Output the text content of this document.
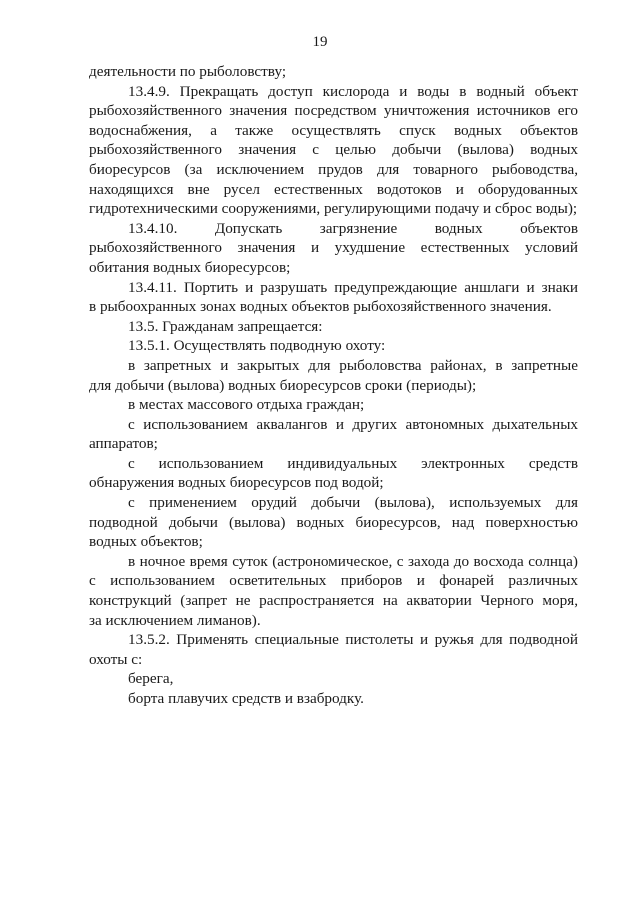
19
деятельности по рыболовству;
13.4.9. Прекращать доступ кислорода и воды в водный объект
рыбохозяйственного значения посредством уничтожения источников его
водоснабжения, а также осуществлять спуск водных объектов
рыбохозяйственного значения с целью добычи (вылова) водных
биоресурсов (за исключением прудов для товарного рыбоводства,
находящихся вне русел естественных водотоков и оборудованных
гидротехническими сооружениями, регулирующими подачу и сброс воды);
13.4.10. Допускать загрязнение водных объектов
рыбохозяйственного значения и ухудшение естественных условий
обитания водных биоресурсов;
13.4.11. Портить и разрушать предупреждающие аншлаги и знаки
в рыбоохранных зонах водных объектов рыбохозяйственного значения.
13.5. Гражданам запрещается:
13.5.1. Осуществлять подводную охоту:
в запретных и закрытых для рыболовства районах, в запретные
для добычи (вылова) водных биоресурсов сроки (периоды);
в местах массового отдыха граждан;
с использованием аквалангов и других автономных дыхательных
аппаратов;
с использованием индивидуальных электронных средств
обнаружения водных биоресурсов под водой;
с применением орудий добычи (вылова), используемых для
подводной добычи (вылова) водных биоресурсов, над поверхностью
водных объектов;
в ночное время суток (астрономическое, с захода до восхода солнца)
с использованием осветительных приборов и фонарей различных
конструкций (запрет не распространяется на акватории Черного моря,
за исключением лиманов).
13.5.2. Применять специальные пистолеты и ружья для подводной
охоты с:
берега,
борта плавучих средств и взабродку.
